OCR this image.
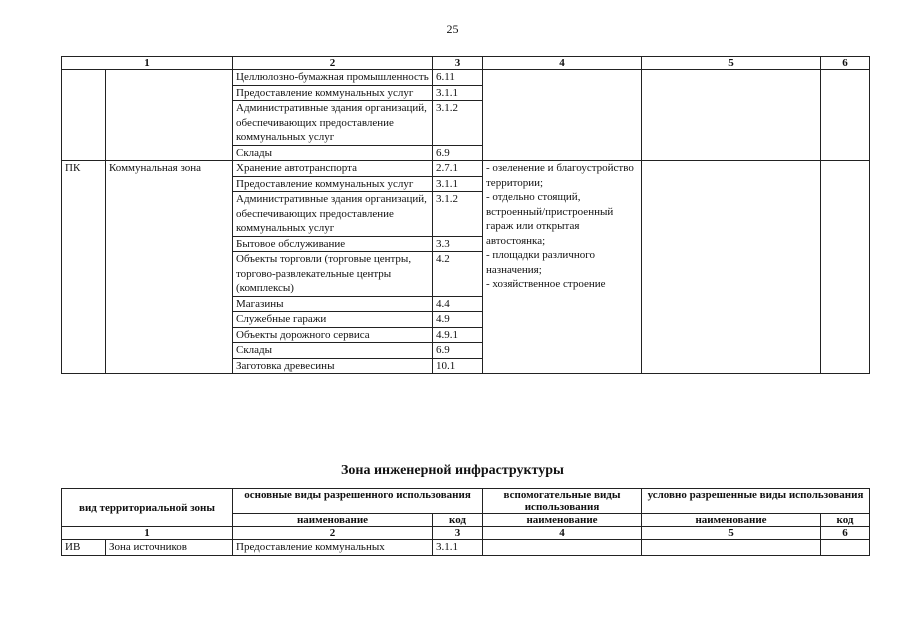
25
1		2	3	4	5	6
		Целлюлозно-бумажная промышленность	6.11			
		Предоставление коммунальных услуг	3.1.1			
		Административные здания организаций, обеспечивающих предоставление коммунальных услуг	3.1.2			
		Склады	6.9			
ПК	Коммунальная зона	Хранение автотранспорта	2.7.1	- озеленение и благоустройство территории;
- отдельно стоящий, встроенный/пристроенный гараж или открытая автостоянка;
- площадки различного назначения;
- хозяйственное строение		

		Предоставление коммунальных услуг	3.1.1			
		Административные здания организаций, обеспечивающих предоставление коммунальных услуг	3.1.2			
		Бытовое обслуживание	3.3			
		Объекты торговли (торговые центры, торгово-развлекательные центры (комплексы)	4.2			
		Магазины	4.4			
		Служебные гаражи	4.9			
		Объекты дорожного сервиса	4.9.1			
		Склады	6.9			
		Заготовка древесины	10.1			
Зона инженерной инфраструктуры
вид территориальной зоны		основные виды разрешенного использования		вспомогательные виды использования	условно разрешенные виды использования	
		наименование	код	наименование	наименование	код
1		2	3	4	5	6
ИВ	Зона источников	Предоставление коммунальных	3.1.1			
